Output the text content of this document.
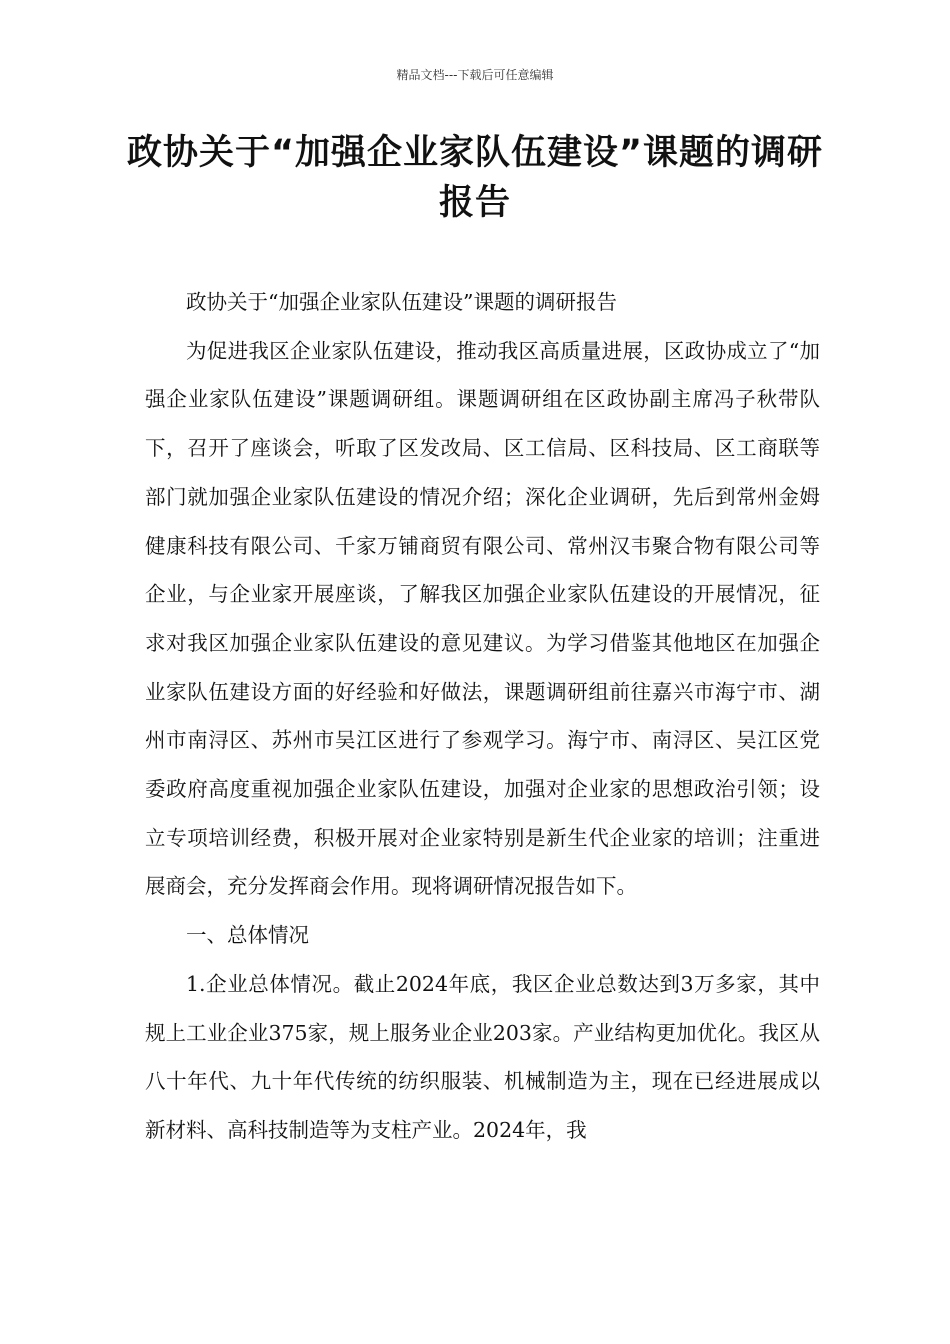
精品文档---下载后可任意编辑
政协关于“加强企业家队伍建设”课题的调研报告

政协关于“加强企业家队伍建设”课题的调研报告

为促进我区企业家队伍建设，推动我区高质量进展，区政协成立了“加强企业家队伍建设”课题调研组。课题调研组在区政协副主席冯子秋带队下，召开了座谈会，听取了区发改局、区工信局、区科技局、区工商联等部门就加强企业家队伍建设的情况介绍；深化企业调研，先后到常州金姆健康科技有限公司、千家万铺商贸有限公司、常州汉韦聚合物有限公司等企业，与企业家开展座谈，了解我区加强企业家队伍建设的开展情况，征求对我区加强企业家队伍建设的意见建议。为学习借鉴其他地区在加强企业家队伍建设方面的好经验和好做法，课题调研组前往嘉兴市海宁市、湖州市南浔区、苏州市吴江区进行了参观学习。海宁市、南浔区、吴江区党委政府高度重视加强企业家队伍建设，加强对企业家的思想政治引领；设立专项培训经费，积极开展对企业家特别是新生代企业家的培训；注重进展商会，充分发挥商会作用。现将调研情况报告如下。

一、总体情况

1.企业总体情况。截止2024年底，我区企业总数达到3万多家，其中规上工业企业375家，规上服务业企业203家。产业结构更加优化。我区从八十年代、九十年代传统的纺织服装、机械制造为主，现在已经进展成以新材料、高科技制造等为支柱产业。2024年，我
